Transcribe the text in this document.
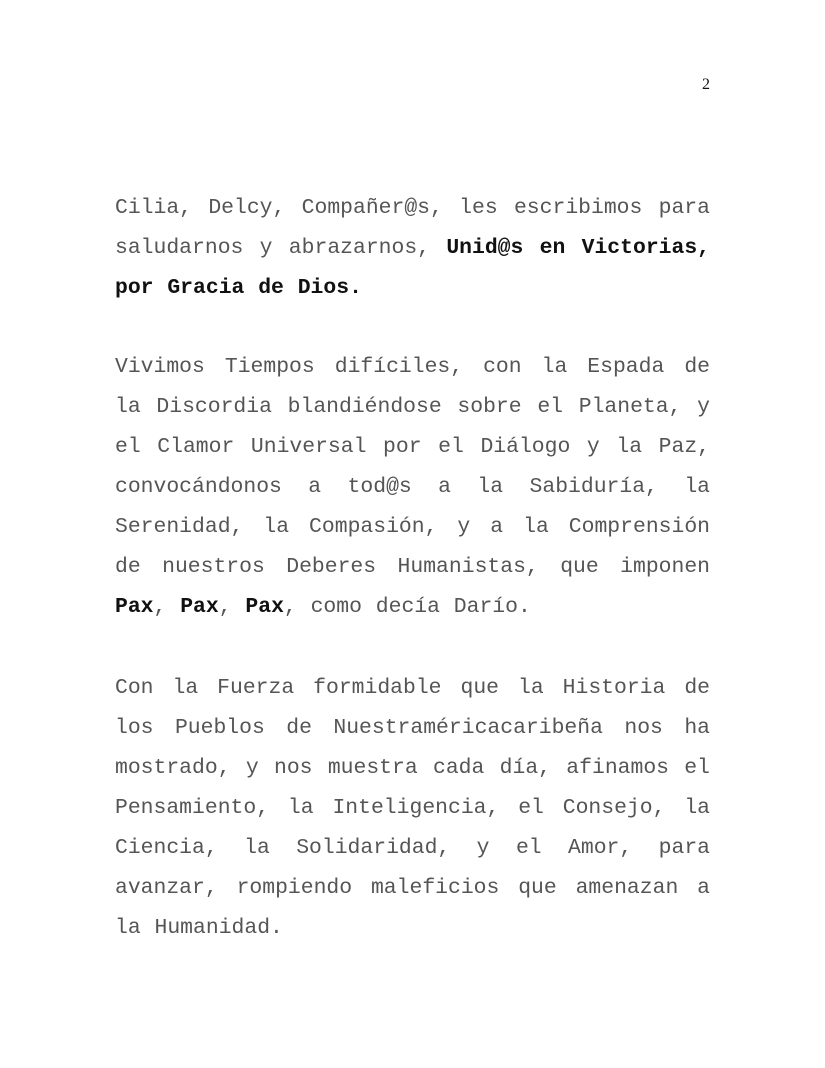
2

Cilia, Delcy, Compañer@s, les escribimos para saludarnos y abrazarnos, Unid@s en Victorias, por Gracia de Dios.

Vivimos Tiempos difíciles, con la Espada de la Discordia blandiéndose sobre el Planeta, y el Clamor Universal por el Diálogo y la Paz, convocándonos a tod@s a la Sabiduría, la Serenidad, la Compasión, y a la Comprensión de nuestros Deberes Humanistas, que imponen Pax, Pax, Pax, como decía Darío.

Con la Fuerza formidable que la Historia de los Pueblos de Nuestraméricacaribeña nos ha mostrado, y nos muestra cada día, afinamos el Pensamiento, la Inteligencia, el Consejo, la Ciencia, la Solidaridad, y el Amor, para avanzar, rompiendo maleficios que amenazan a la Humanidad.
